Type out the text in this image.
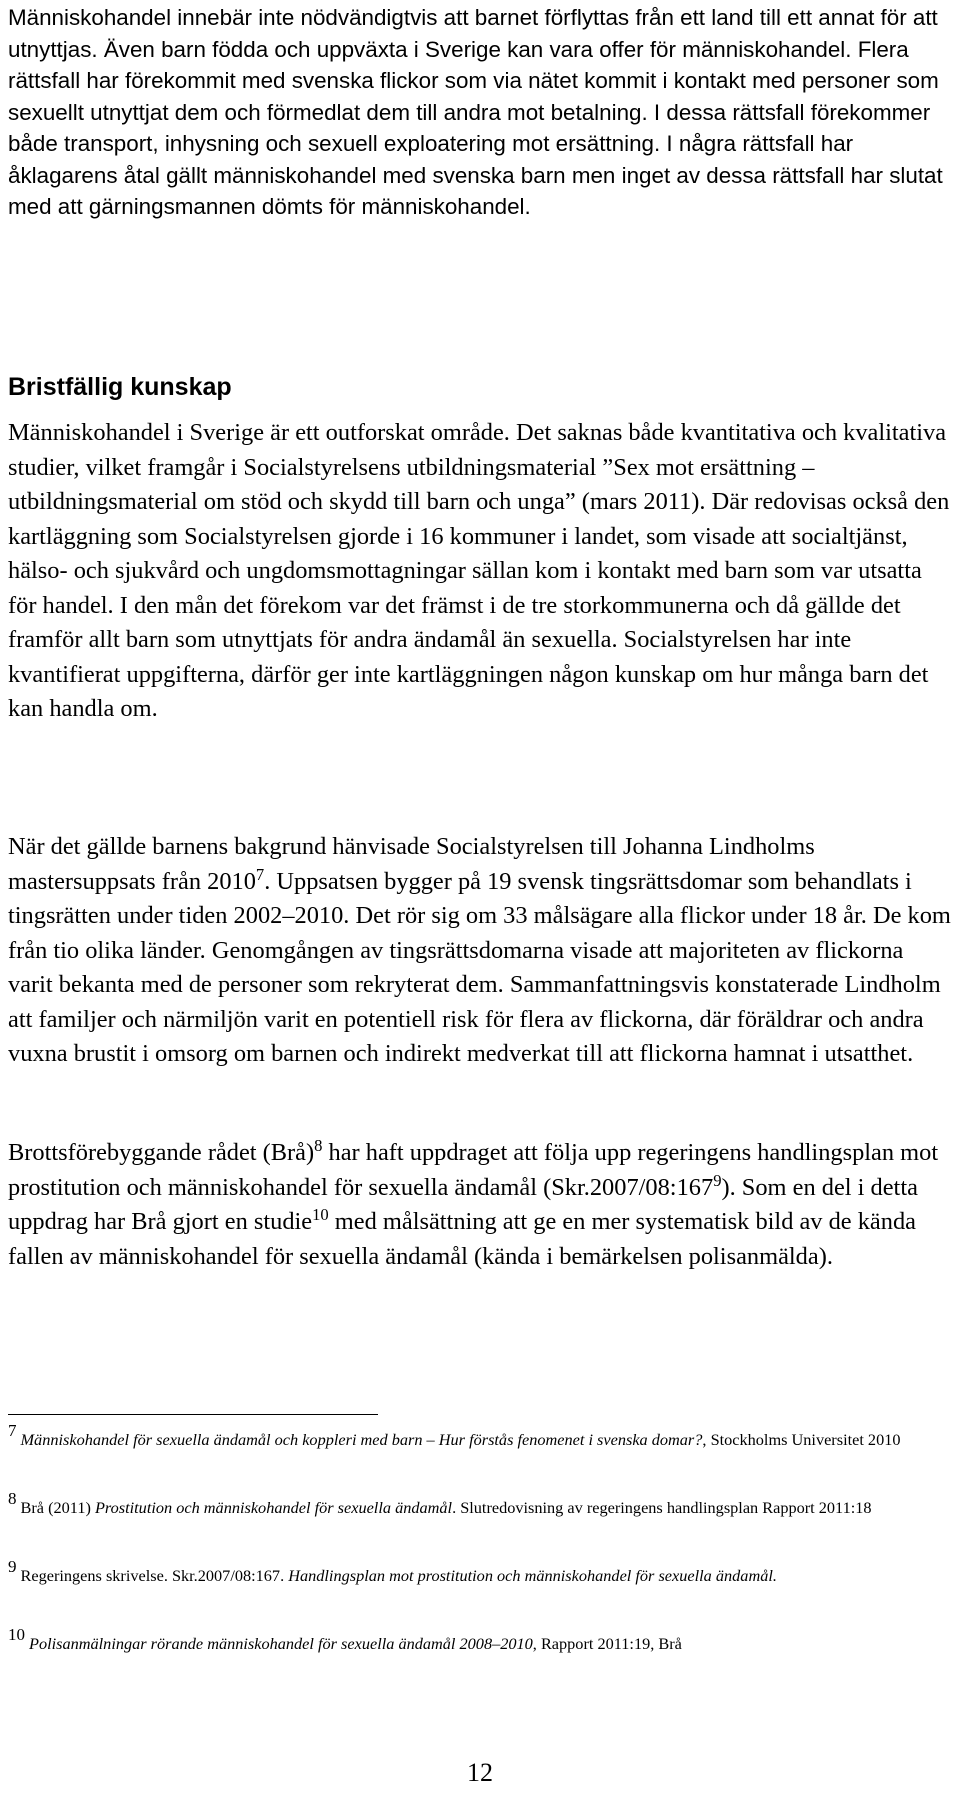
Människohandel innebär inte nödvändigtvis att barnet förflyttas från ett land till ett annat för att utnyttjas. Även barn födda och uppväxta i Sverige kan vara offer för människohandel. Flera rättsfall har förekommit med svenska flickor som via nätet kommit i kontakt med personer som sexuellt utnyttjat dem och förmedlat dem till andra mot betalning. I dessa rättsfall förekommer både transport, inhysning och sexuell exploatering mot ersättning. I några rättsfall har åklagarens åtal gällt människohandel med svenska barn men inget av dessa rättsfall har slutat med att gärningsmannen dömts för människohandel.

Bristfällig kunskap

Människohandel i Sverige är ett outforskat område. Det saknas både kvantitativa och kvalitativa studier, vilket framgår i Socialstyrelsens utbildningsmaterial ”Sex mot ersättning – utbildningsmaterial om stöd och skydd till barn och unga” (mars 2011). Där redovisas också den kartläggning som Socialstyrelsen gjorde i 16 kommuner i landet, som visade att socialtjänst, hälso- och sjukvård och ungdomsmottagningar sällan kom i kontakt med barn som var utsatta för handel. I den mån det förekom var det främst i de tre storkommunerna och då gällde det framför allt barn som utnyttjats för andra ändamål än sexuella. Socialstyrelsen har inte kvantifierat uppgifterna, därför ger inte kartläggningen någon kunskap om hur många barn det kan handla om.

När det gällde barnens bakgrund hänvisade Socialstyrelsen till Johanna Lindholms mastersuppsats från 2010$^7$. Uppsatsen bygger på 19 svensk tingsrättsdomar som behandlats i tingsrätten under tiden 2002–2010. Det rör sig om 33 målsägare alla flickor under 18 år. De kom från tio olika länder. Genomgången av tingsrättsdomarna visade att majoriteten av flickorna varit bekanta med de personer som rekryterat dem. Sammanfattningsvis konstaterade Lindholm att familjer och närmiljön varit en potentiell risk för flera av flickorna, där föräldrar och andra vuxna brustit i omsorg om barnen och indirekt medverkat till att flickorna hamnat i utsatthet.

Brottsförebyggande rådet (Brå)$^8$ har haft uppdraget att följa upp regeringens handlingsplan mot prostitution och människohandel för sexuella ändamål $(Skr.2007/08:167^9)$. Som en del i detta uppdrag har Brå gjort en studie$^{10}$ med målsättning att ge en mer systematisk bild av de kända fallen av människohandel för sexuella ändamål (kända i bemärkelsen polisanmälda).

7 Människohandel för sexuella ändamål och koppleri med barn – Hur förstås fenomenet i svenska domar?, Stockholms Universitet 2010

8 Brå (2011) Prostitution och människohandel för sexuella ändamål. Slutredovisning av regeringens handlingsplan Rapport 2011:18

9 Regeringens skrivelse. Skr.2007/08:167. Handlingsplan mot prostitution och människohandel för sexuella ändamål.

10 Polisanmälningar rörande människohandel för sexuella ändamål 2008–2010, Rapport 2011:19, Brå

12
